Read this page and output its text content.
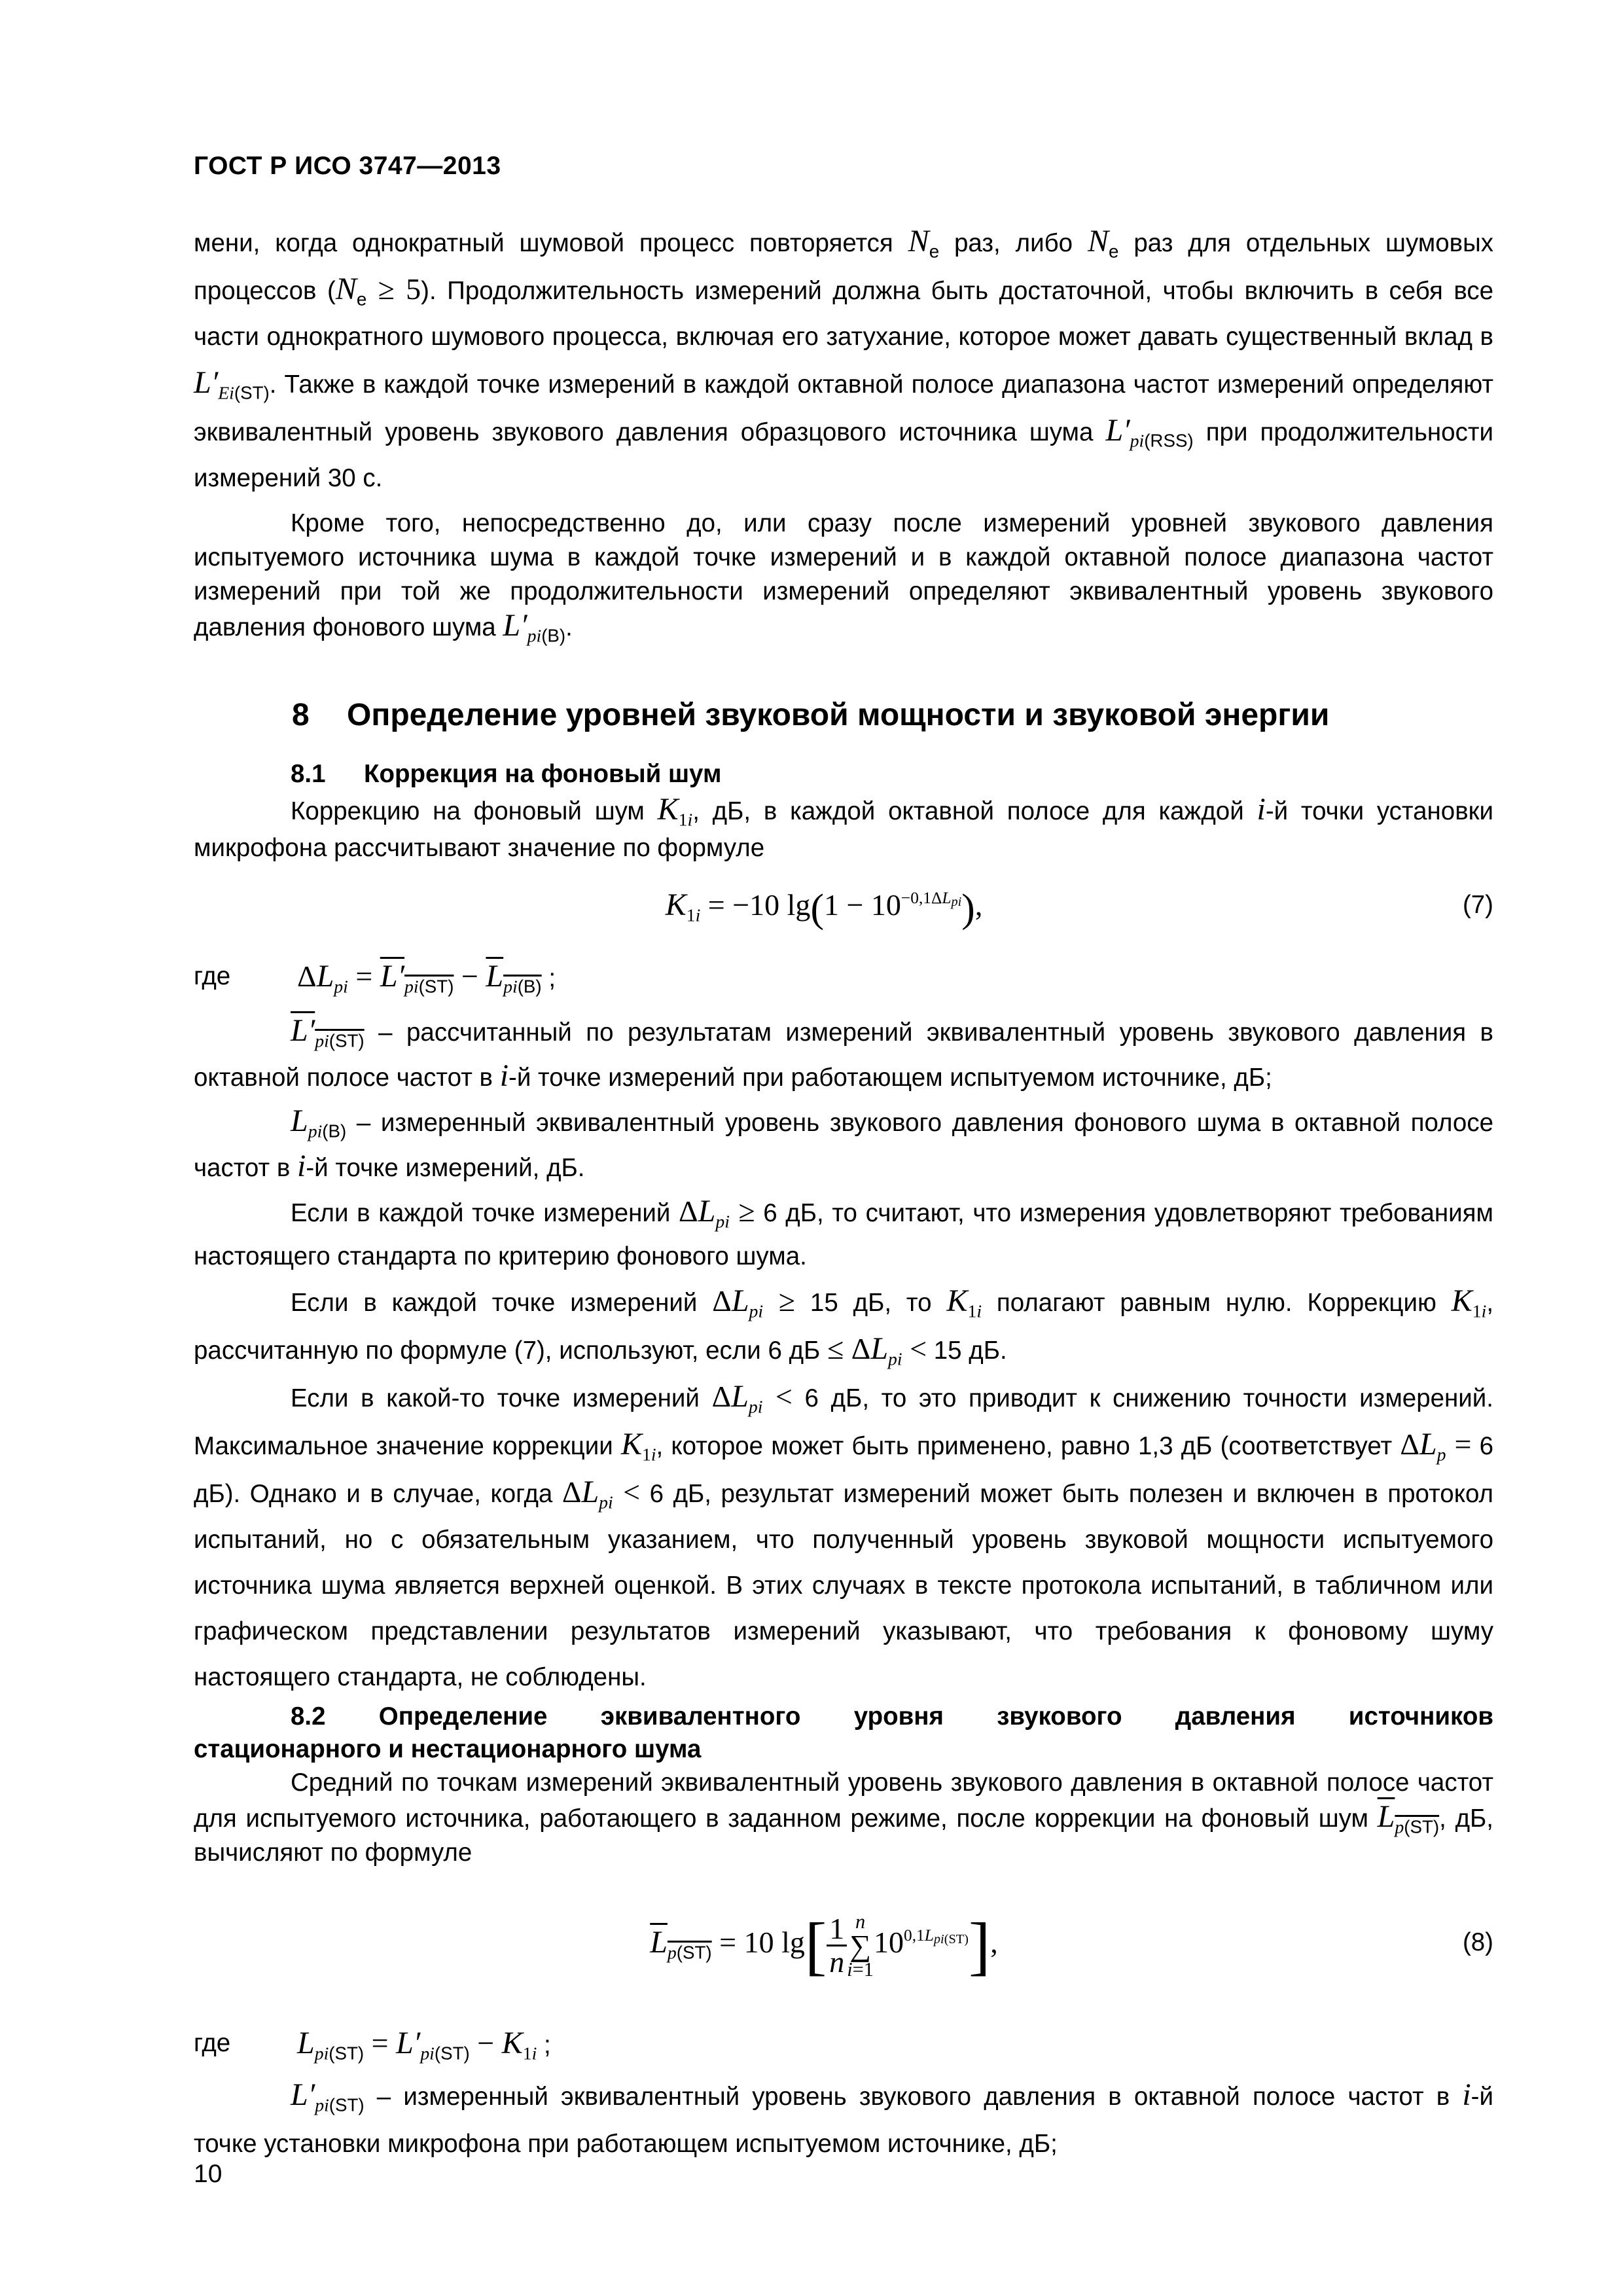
ГОСТ Р ИСО 3747—2013

мени, когда однократный шумовой процесс повторяется $N_е$ раз, либо $N_е$ раз для отдельных шумовых процессов $(N_е \ge 5)$. Продолжительность измерений должна быть достаточной, чтобы включить в себя все части однократного шумового процесса, включая его затухание, которое может давать существенный вклад в $L'_{Ei(ST)}$. Также в каждой точке измерений в каждой октавной полосе диапазона частот измерений определяют эквивалентный уровень звукового давления образцового источника шума $L'_{pi(RSS)}$ при продолжительности измерений 30 с.

Кроме того, непосредственно до, или сразу после измерений уровней звукового давления испытуемого источника шума в каждой точке измерений и в каждой октавной полосе диапазона частот измерений при той же продолжительности измерений определяют эквивалентный уровень звукового давления фонового шума $L'_{pi(B)}$.

8 Определение уровней звуковой мощности и звуковой энергии
8.1 Коррекция на фоновый шум

Коррекцию на фоновый шум $K_{1i}$, дБ, в каждой октавной полосе для каждой i-й точки установки микрофона рассчитывают значение по формуле

$K_{1i} = -10$ $\lg(1 - 10^{-0,1\Delta Lpi})$,	(7)
где $\Delta L_{pi} = L'_{pi(ST)} - L_{pi(B)}$ ;

$L'_{pi(ST)}$ – рассчитанный по результатам измерений эквивалентный уровень звукового давления в октавной полосе частот в i-й точке измерений при работающем испытуемом источнике, дБ;

$L_{pi(B)}$ – измеренный эквивалентный уровень звукового давления фонового шума в октавной полосе частот в i-й точке измерений, дБ.

Если в каждой точке измерений $\Delta L_{pi} \ge 6$ дБ, то считают, что измерения удовлетворяют требованиям настоящего стандарта по критерию фонового шума.

Если в каждой точке измерений $\Delta L_{pi} \ge 15$ дБ, то $K_{1i}$ полагают равным нулю. Коррекцию $K_{1i}$, рассчитанную по формуле (7), используют, если 6 дБ ≤ $\Delta L_{pi} < 15$ дБ.

Если в какой-то точке измерений $\Delta L_{pi} < 6$ дБ, то это приводит к снижению точности измерений. Максимальное значение коррекции $K_{1i}$, которое может быть применено, равно 1,3 дБ (соответствует $\Delta L_p = 6$ дБ). Однако и в случае, когда $\Delta L_{pi} < 6$ дБ, результат измерений может быть полезен и включен в протокол испытаний, но с обязательным указанием, что полученный уровень звуковой мощности испытуемого источника шума является верхней оценкой. В этих случаях в тексте протокола испытаний, в табличном или графическом представлении результатов измерений указывают, что требования к фоновому шуму настоящего стандарта, не соблюдены.

8.2 Определение эквивалентного уровня звукового давления источников
стационарного и нестационарного шума

Средний по точкам измерений эквивалентный уровень звукового давления в октавной полосе частот для испытуемого источника, работающего в заданном режиме, после коррекции на фоновый шум $L_{p(ST)}$, дБ, вычисляют по формуле

$L_{p(ST)} = 10$ $\lg[ \frac{1}{n}$ n
∑
i=1
$10^{0,1Lpi(ST)}$],	(8)
где $L_{pi(ST)} = L'_{pi(ST)} - K_{1i}$ ;

$L'_{pi(ST)}$ – измеренный эквивалентный уровень звукового давления в октавной полосе частот в i-й точке установки микрофона при работающем испытуемом источнике, дБ;

10
